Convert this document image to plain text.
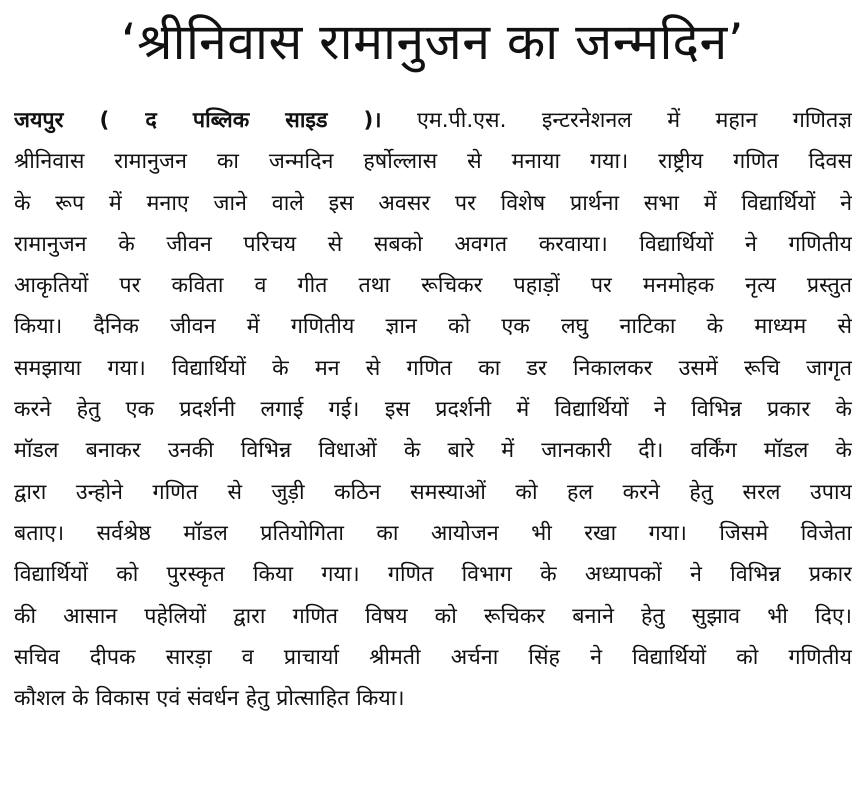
‘श्रीनिवास रामानुजन का जन्मदिन’
जयपुर ( द पब्लिक साइड )। एम.पी.एस. इन्टरनेशनल में महान गणितज्ञ
श्रीनिवास रामानुजन का जन्मदिन हर्षोल्लास से मनाया गया। राष्ट्रीय गणित दिवस
के रूप में मनाए जाने वाले इस अवसर पर विशेष प्रार्थना सभा में विद्यार्थियों ने
रामानुजन के जीवन परिचय से सबको अवगत करवाया। विद्यार्थियों ने गणितीय
आकृतियों पर कविता व गीत तथा रूचिकर पहाड़ों पर मनमोहक नृत्य प्रस्तुत
किया। दैनिक जीवन में गणितीय ज्ञान को एक लघु नाटिका के माध्यम से
समझाया गया। विद्यार्थियों के मन से गणित का डर निकालकर उसमें रूचि जागृत
करने हेतु एक प्रदर्शनी लगाई गई। इस प्रदर्शनी में विद्यार्थियों ने विभिन्न प्रकार के
मॉडल बनाकर उनकी विभिन्न विधाओं के बारे में जानकारी दी। वर्किंग मॉडल के
द्वारा उन्होने गणित से जुड़ी कठिन समस्याओं को हल करने हेतु सरल उपाय
बताए। सर्वश्रेष्ठ मॉडल प्रतियोगिता का आयोजन भी रखा गया। जिसमे विजेता
विद्यार्थियों को पुरस्कृत किया गया। गणित विभाग के अध्यापकों ने विभिन्न प्रकार
की आसान पहेलियों द्वारा गणित विषय को रूचिकर बनाने हेतु सुझाव भी दिए।
सचिव दीपक सारड़ा व प्राचार्या श्रीमती अर्चना सिंह ने विद्यार्थियों को गणितीय
कौशल के विकास एवं संवर्धन हेतु प्रोत्साहित किया।
